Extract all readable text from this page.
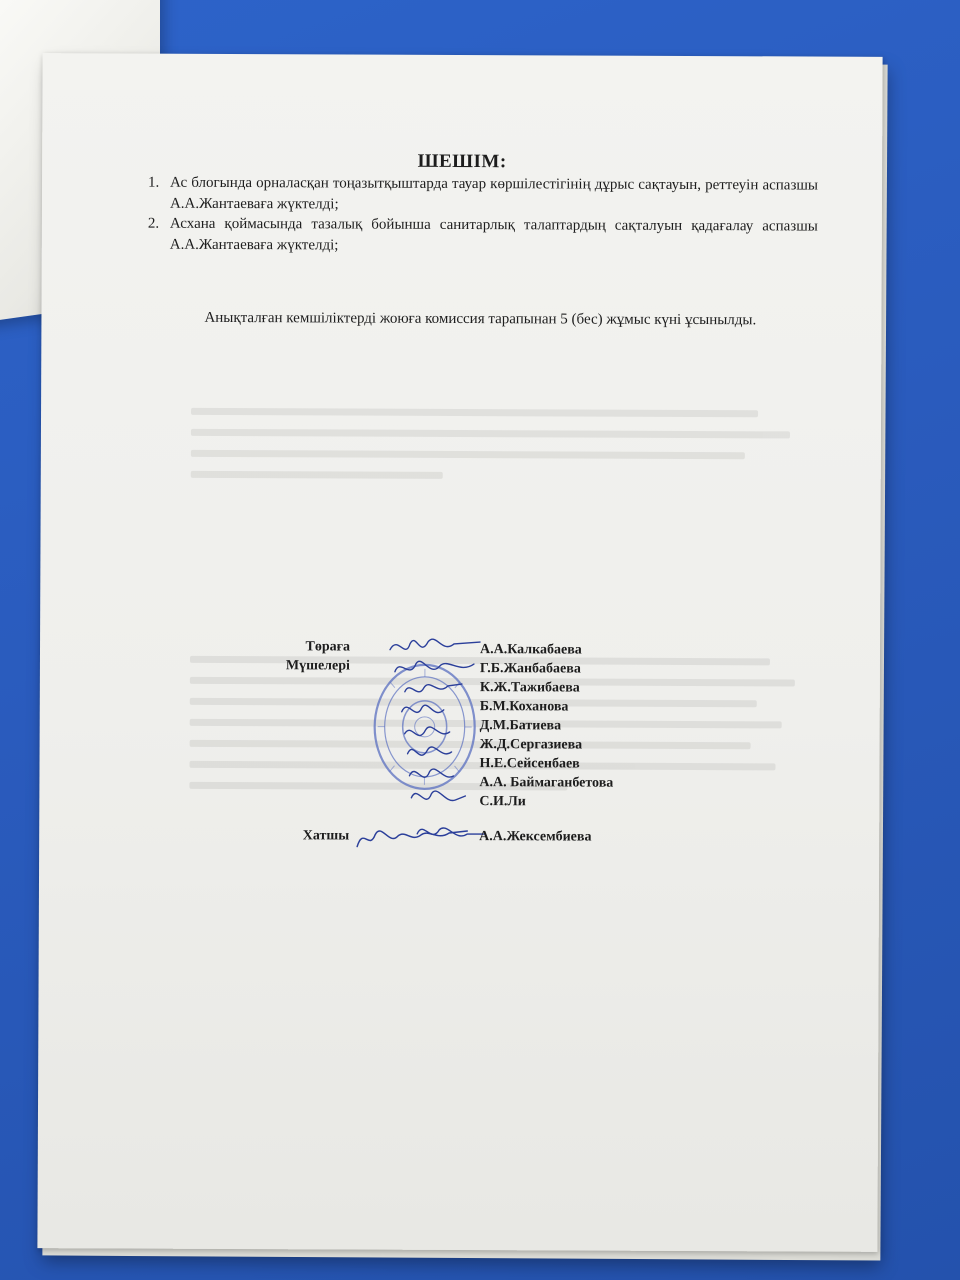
ШЕШІМ:
1. Ас блогында орналасқан тоңазытқыштарда тауар көршілестігінің дұрыс сақтауын, реттеуін аспазшы А.А.Жантаеваға жүктелді;
2. Асхана қоймасында тазалық бойынша санитарлық талаптардың сақталуын қадағалау аспазшы А.А.Жантаеваға жүктелді;
Анықталған кемшіліктерді жоюға комиссия тарапынан 5 (бес) жұмыс күні ұсынылды.
Төраға
Мүшелері
Хатшы
А.А.Калкабаева
Г.Б.Жанбабаева
К.Ж.Тажибаева
Б.М.Коханова
Д.М.Батиева
Ж.Д.Сергазиева
Н.Е.Сейсенбаев
А.А. Баймаганбетова
С.И.Ли
А.А.Жексембиева
